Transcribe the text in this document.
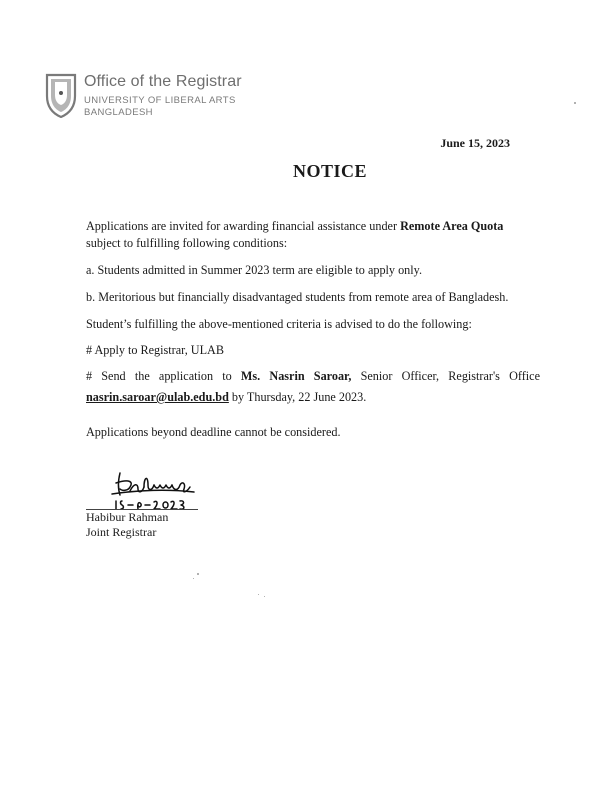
Office of the Registrar
UNIVERSITY OF LIBERAL ARTS
BANGLADESH
June 15, 2023
NOTICE
Applications are invited for awarding financial assistance under Remote Area Quota
subject to fulfilling following conditions:
a. Students admitted in Summer 2023 term are eligible to apply only.
b. Meritorious but financially disadvantaged students from remote area of Bangladesh.
Student’s fulfilling the above-mentioned criteria is advised to do the following:
# Apply to Registrar, ULAB
# Send the application to Ms. Nasrin Saroar, Senior Officer, Registrar's Office
nasrin.saroar@ulab.edu.bd by Thursday, 22 June 2023.
Applications beyond deadline cannot be considered.
Habibur Rahman
Joint Registrar
